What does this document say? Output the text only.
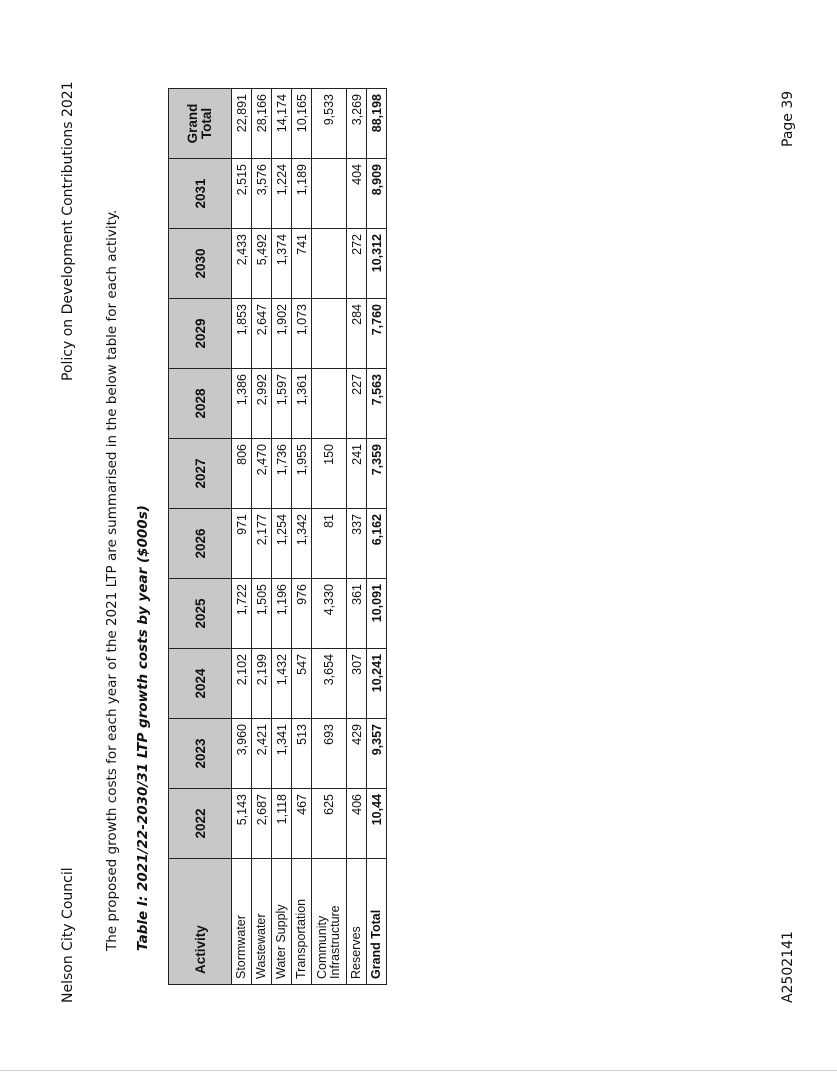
Nelson City Council
Policy on Development Contributions 2021 The proposed growth costs for each year of the 2021 LTP are summarised in the below table for each activity. Table I: 2021/22-2030/31 LTP growth costs by year ($000s)	Activity	2022	2023	2024	2025	2026	2027	2028	2029	2030	2031	Grand Total
Stormwater	5,143	3,960	2,102	1,722	971	806	1,386	1,853	2,433	2,515	22,891
Wastewater	2,687	2,421	2,199	1,505	2,177	2,470	2,992	2,647	5,492	3,576	28,166
Water Supply	1,118	1,341	1,432	1,196	1,254	1,736	1,597	1,902	1,374	1,224	14,174
Transportation	467	513	547	976	1,342	1,955	1,361	1,073	741	1,189	10,165
Community Infrastructure	625	693	3,654	4,330	81	150					9,533
Reserves	406	429	307	361	337	241	227	284	272	404	3,269
Grand Total	10,44	9,357	10,241	10,091	6,162	7,359	7,563	7,760	10,312	8,909	88,198
A2502141
Page 39
